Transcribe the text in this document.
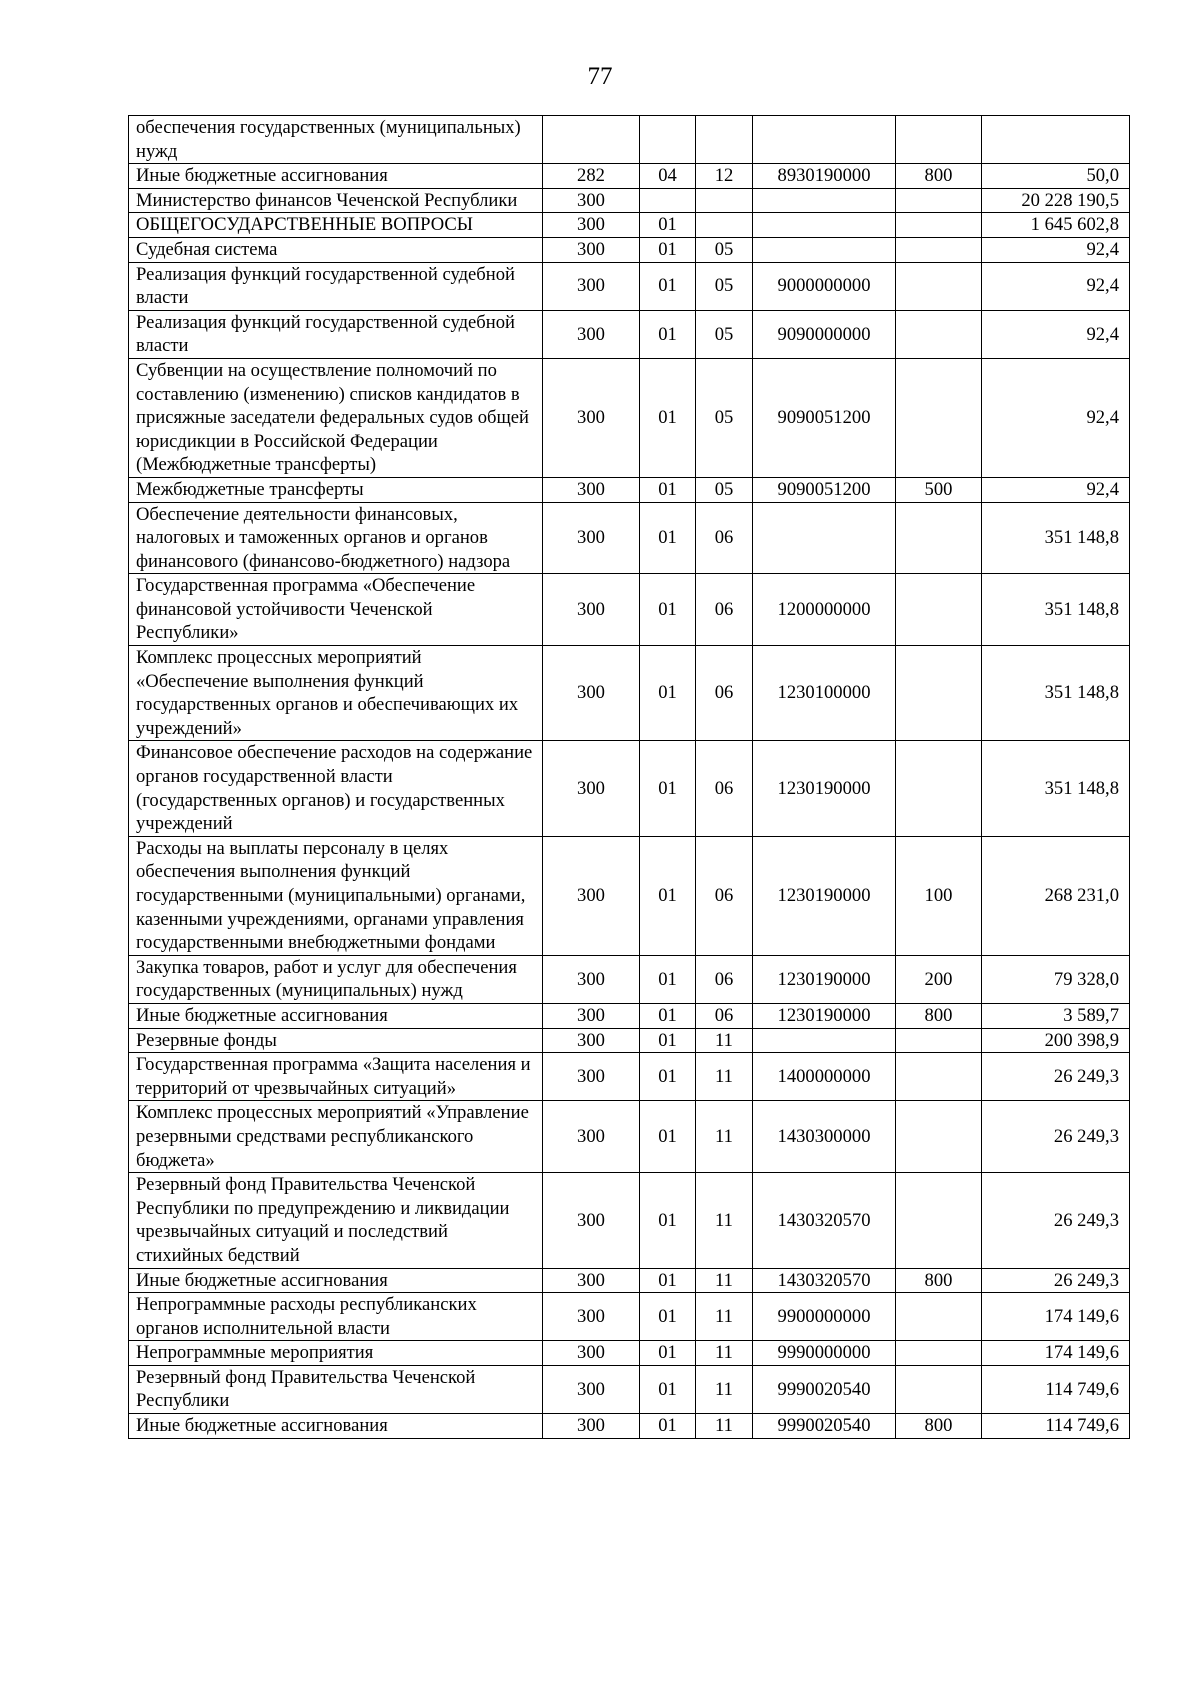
77
обеспечения государственных (муниципальных) нужд						
Иные бюджетные ассигнования	282	04	12	8930190000	800	50,0
Министерство финансов Чеченской Республики	300					20 228 190,5
ОБЩЕГОСУДАРСТВЕННЫЕ ВОПРОСЫ	300	01				1 645 602,8
Судебная система	300	01	05			92,4
Реализация функций государственной судебной власти	300	01	05	9000000000		92,4
Реализация функций государственной судебной власти	300	01	05	9090000000		92,4
Субвенции на осуществление полномочий по составлению (изменению) списков кандидатов в присяжные заседатели федеральных судов общей юрисдикции в Российской Федерации (Межбюджетные трансферты)	300	01	05	9090051200		92,4
Межбюджетные трансферты	300	01	05	9090051200	500	92,4
Обеспечение деятельности финансовых, налоговых и таможенных органов и органов финансового (финансово-бюджетного) надзора	300	01	06			351 148,8
Государственная программа «Обеспечение финансовой устойчивости Чеченской Республики»	300	01	06	1200000000		351 148,8
Комплекс процессных мероприятий «Обеспечение выполнения функций государственных органов и обеспечивающих их учреждений»	300	01	06	1230100000		351 148,8
Финансовое обеспечение расходов на содержание органов государственной власти (государственных органов) и государственных учреждений	300	01	06	1230190000		351 148,8
Расходы на выплаты персоналу в целях обеспечения выполнения функций государственными (муниципальными) органами, казенными учреждениями, органами управления государственными внебюджетными фондами	300	01	06	1230190000	100	268 231,0
Закупка товаров, работ и услуг для обеспечения государственных (муниципальных) нужд	300	01	06	1230190000	200	79 328,0
Иные бюджетные ассигнования	300	01	06	1230190000	800	3 589,7
Резервные фонды	300	01	11			200 398,9
Государственная программа «Защита населения и территорий от чрезвычайных ситуаций»	300	01	11	1400000000		26 249,3
Комплекс процессных мероприятий «Управление резервными средствами республиканского бюджета»	300	01	11	1430300000		26 249,3
Резервный фонд Правительства Чеченской Республики по предупреждению и ликвидации чрезвычайных ситуаций и последствий стихийных бедствий	300	01	11	1430320570		26 249,3
Иные бюджетные ассигнования	300	01	11	1430320570	800	26 249,3
Непрограммные расходы республиканских органов исполнительной власти	300	01	11	9900000000		174 149,6
Непрограммные мероприятия	300	01	11	9990000000		174 149,6
Резервный фонд Правительства Чеченской Республики	300	01	11	9990020540		114 749,6
Иные бюджетные ассигнования	300	01	11	9990020540	800	114 749,6
